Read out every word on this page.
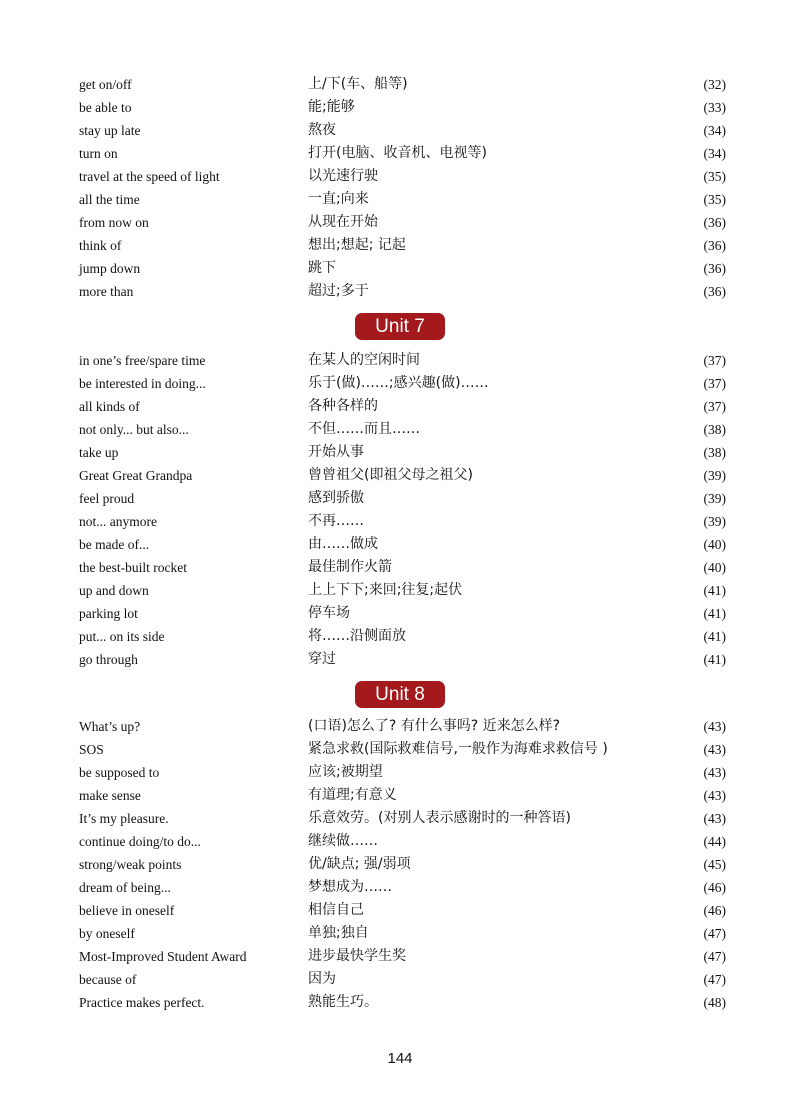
get on/off	上/下(车、船等)	(32)
be able to	能;能够	(33)
stay up late	熬夜	(34)
turn on	打开(电脑、收音机、电视等)	(34)
travel at the speed of light	以光速行驶	(35)
all the time	一直;向来	(35)
from now on	从现在开始	(36)
think of	想出;想起; 记起	(36)
jump down	跳下	(36)
more than	超过;多于	(36)
Unit 7
in one’s free/spare time	在某人的空闲时间	(37)
be interested in doing...	乐于(做)……;感兴趣(做)……	(37)
all kinds of	各种各样的	(37)
not only... but also...	不但……而且……	(38)
take up	开始从事	(38)
Great Great Grandpa	曾曾祖父(即祖父母之祖父)	(39)
feel proud	感到骄傲	(39)
not... anymore	不再……	(39)
be made of...	由……做成	(40)
the best-built rocket	最佳制作火箭	(40)
up and down	上上下下;来回;往复;起伏	(41)
parking lot	停车场	(41)
put... on its side	将……沿侧面放	(41)
go through	穿过	(41)
Unit 8
What’s up?	(口语)怎么了? 有什么事吗? 近来怎么样?	(43)
SOS	紧急求救(国际救难信号,一般作为海难求救信号 )	(43)
be supposed to	应该;被期望	(43)
make sense	有道理;有意义	(43)
It’s my pleasure.	乐意效劳。(对别人表示感谢时的一种答语)	(43)
continue doing/to do...	继续做……	(44)
strong/weak points	优/缺点; 强/弱项	(45)
dream of being...	梦想成为……	(46)
believe in oneself	相信自己	(46)
by oneself	单独;独自	(47)
Most-Improved Student Award	进步最快学生奖	(47)
because of	因为	(47)
Practice makes perfect.	熟能生巧。	(48)
144
